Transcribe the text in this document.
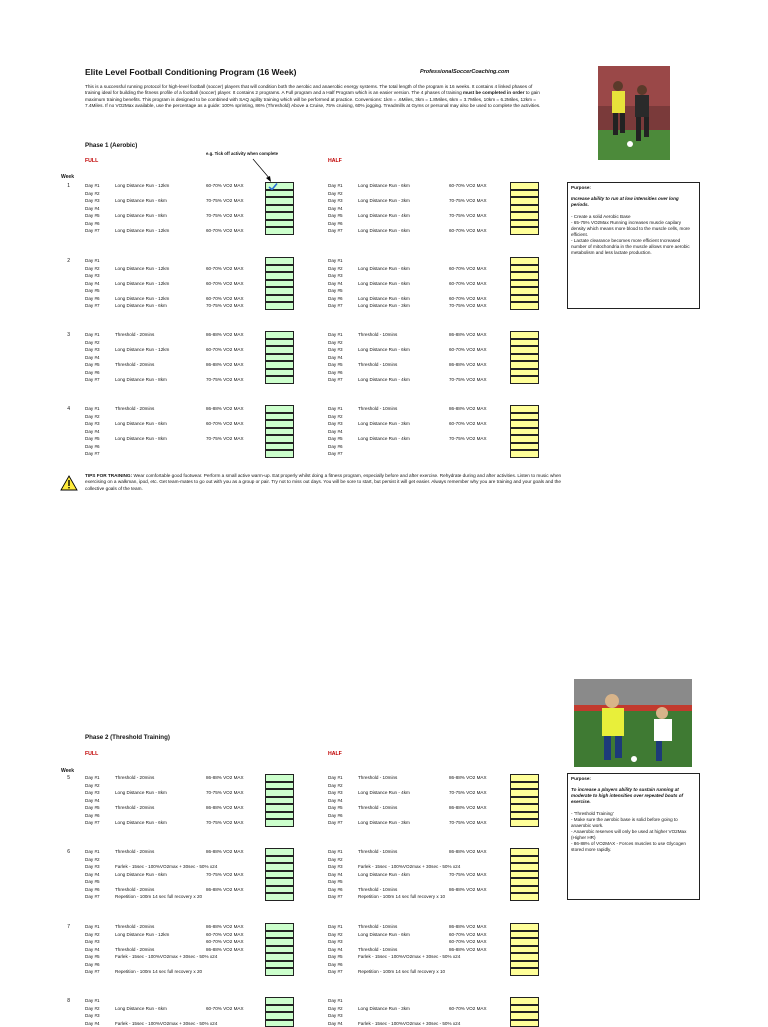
Elite Level Football Conditioning Program (16 Week)	ProfessionalSoccerCoaching.com
This is a successful running protocol for high-level football (soccer) players that will condition both the aerobic and anaerobic energy systems. The total length of the program is 16 weeks. It contains 4 linked phases of training ideal for building the fitness profile of a football (soccer) player. It contains 2 programs. A Full program and a Half Program which is an easier version. The 4 phases of training must be completed in order to gain maximum training benefits. This program is designed to be combined with SAQ agility training which will be performed at practice. Conversions: 1km = .6Miles, 3km = 1.8Miles, 6km = 3.7Miles, 10km = 6.2Miles, 12km = 7.4Miles. If no VO2Max available, use the percentage as a guide: 100% sprinting, 86% (Threshold) Above a Cruise, 75% cruising, 60% jogging. Treadmills at Gyms or personal may also be used to complete the activities.
Phase 1 (Aerobic)
FULL	HALF
e.g. Tick off activity when complete
Week
1	Day #1	Long Distance Run - 12km	60-70% VO2 MAX
Day #2
Day #3	Long Distance Run - 6km	70-75% VO2 MAX
Day #4
Day #5	Long Distance Run - 8km	70-75% VO2 MAX
Day #6
Day #7	Long Distance Run - 12km	60-70% VO2 MAX
Day #1	Long Distance Run - 6km	60-70% VO2 MAX
Day #2
Day #3	Long Distance Run - 3km	70-75% VO2 MAX
Day #4
Day #5	Long Distance Run - 4km	70-75% VO2 MAX
Day #6
Day #7	Long Distance Run - 6km	60-70% VO2 MAX
2	Day #1
Day #2	Long Distance Run - 12km	60-70% VO2 MAX
Day #3
Day #4	Long Distance Run - 12km	60-70% VO2 MAX
Day #5
Day #6	Long Distance Run - 12km	60-70% VO2 MAX
Day #7	Long Distance Run - 6km	70-75% VO2 MAX
Day #1
Day #2	Long Distance Run - 6km	60-70% VO2 MAX
Day #3
Day #4	Long Distance Run - 6km	60-70% VO2 MAX
Day #5
Day #6	Long Distance Run - 6km	60-70% VO2 MAX
Day #7	Long Distance Run - 3km	70-75% VO2 MAX
3	Day #1	Threshold - 20mins	86-88% VO2 MAX
Day #2
Day #3	Long Distance Run - 12km	60-70% VO2 MAX
Day #4
Day #5	Threshold - 20mins	86-88% VO2 MAX
Day #6
Day #7	Long Distance Run - 8km	70-75% VO2 MAX
Day #1	Threshold - 10mins	86-88% VO2 MAX
Day #2
Day #3	Long Distance Run - 6km	60-70% VO2 MAX
Day #4
Day #5	Threshold - 10mins	86-88% VO2 MAX
Day #6
Day #7	Long Distance Run - 4km	70-75% VO2 MAX
4	Day #1	Threshold - 20mins	86-88% VO2 MAX
Day #2
Day #3	Long Distance Run - 6km	60-70% VO2 MAX
Day #4
Day #5	Long Distance Run - 8km	70-75% VO2 MAX
Day #6
Day #7
Day #1	Threshold - 10mins	86-88% VO2 MAX
Day #2
Day #3	Long Distance Run - 3km	60-70% VO2 MAX
Day #4
Day #5	Long Distance Run - 4km	70-75% VO2 MAX
Day #6
Day #7
Purpose:
Increase ability to run at low intensities over long periods.
- Create a solid Aerobic Base
- 65-75% VO2Max Running increases muscle capilary density which means more blood to the muscle cells, more efficient.
- Lactate clearance becomes more efficient Increased number of mitochondria in the muscle allows more aerobic metabolism and less lactate production.
TIPS FOR TRAINING: Wear comfortable good footwear. Perform a small active warm-up. Eat properly whilst doing a fitness program, especially before and after exercise. Rehydrate during and after activities. Listen to music when exercising on a walkman, ipod, etc. Get team-mates to go out with you as a group or pair. Try not to miss out days. You will be sore to start, but persist it will get easier. Always remember why you are training and your goals and the collective goals of the team.
Phase 2 (Threshold Training)
FULL	HALF
Week
5	Day #1	Threshold - 20mins	86-88% VO2 MAX
Day #2
Day #3	Long Distance Run - 8km	70-75% VO2 MAX
Day #4
Day #5	Threshold - 20mins	86-88% VO2 MAX
Day #6
Day #7	Long Distance Run - 6km	70-75% VO2 MAX
Day #1	Threshold - 10mins	86-88% VO2 MAX
Day #2
Day #3	Long Distance Run - 4km	70-75% VO2 MAX
Day #4
Day #5	Threshold - 10mins	86-88% VO2 MAX
Day #6
Day #7	Long Distance Run - 3km	70-75% VO2 MAX
6	Day #1	Threshold - 20mins	86-88% VO2 MAX
Day #2
Day #3	Farlek - 15sec - 100%VO2max + 30sec - 50% x24
Day #4	Long Distance Run - 6km	70-75% VO2 MAX
Day #5
Day #6	Threshold - 20mins	86-88% VO2 MAX
Day #7	Repetition - 100m 14 sec full recovery x 20
Day #1	Threshold - 10mins	86-88% VO2 MAX
Day #2
Day #3	Farlek - 15sec - 100%VO2max + 30sec - 50% x24
Day #4	Long Distance Run - 4km	70-75% VO2 MAX
Day #5
Day #6	Threshold - 10mins	86-88% VO2 MAX
Day #7	Repetition - 100m 14 sec full recovery x 10
7	Day #1	Threshold - 20mins	86-88% VO2 MAX
Day #2	Long Distance Run - 12km	60-70% VO2 MAX
Day #3	60-70% VO2 MAX
Day #4	Threshold - 20mins	86-88% VO2 MAX
Day #5	Farlek - 15sec - 100%VO2max + 30sec - 50% x24
Day #6
Day #7	Repetition - 100m 14 sec full recovery x 20
Day #1	Threshold - 10mins	86-88% VO2 MAX
Day #2	Long Distance Run - 6km	60-70% VO2 MAX
Day #3	60-70% VO2 MAX
Day #4	Threshold - 10mins	86-88% VO2 MAX
Day #5	Farlek - 15sec - 100%VO2max + 30sec - 50% x24
Day #6
Day #7	Repetition - 100m 14 sec full recovery x 10
8	Day #1
Day #2	Long Distance Run - 6km	60-70% VO2 MAX
Day #3
Day #4	Farlek - 15sec - 100%VO2max + 30sec - 50% x24
Day #1
Day #2	Long Distance Run - 3km	60-70% VO2 MAX
Day #3
Day #4	Farlek - 15sec - 100%VO2max + 30sec - 50% x24
Purpose:
To increase a players ability to sustain running at moderate to high intensities over repeated bouts of exercise.
- 'Threshold Training'
- Make sure the aerobic base is solid before going to anaerobic work.
- Anaerobic reserves will only be used at higher VO2Max (Higher HR)
- 86-88% of VO2MAX - Forces muscles to use Glycogen stored more rapidly.
